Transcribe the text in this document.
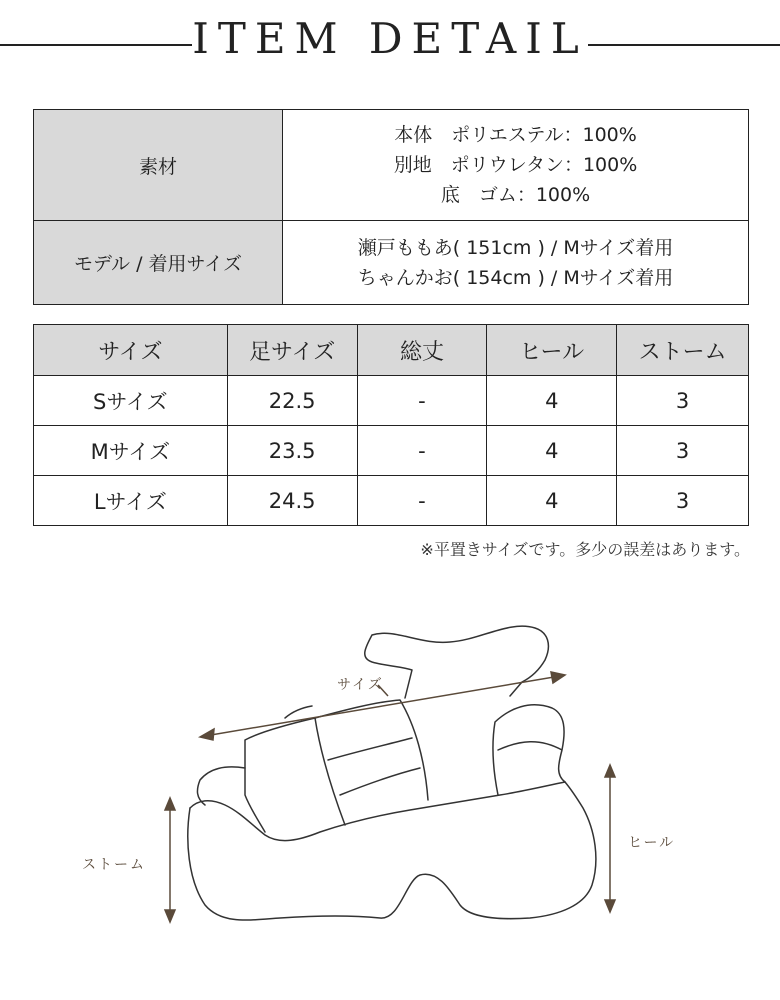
ITEM DETAIL
素材	本体　ポリエステル：100%
別地　ポリウレタン：100%
底　ゴム：100%

モデル / 着用サイズ	瀬戸ももあ( 151cm ) / Mサイズ着用
ちゃんかお( 154cm ) / Mサイズ着用
サイズ	足サイズ	総丈	ヒール	ストーム
Sサイズ	22.5	-	4	3
Mサイズ	23.5	-	4	3
Lサイズ	24.5	-	4	3
※平置きサイズです。多少の誤差はあります。
サイズ
ストーム
ヒール
